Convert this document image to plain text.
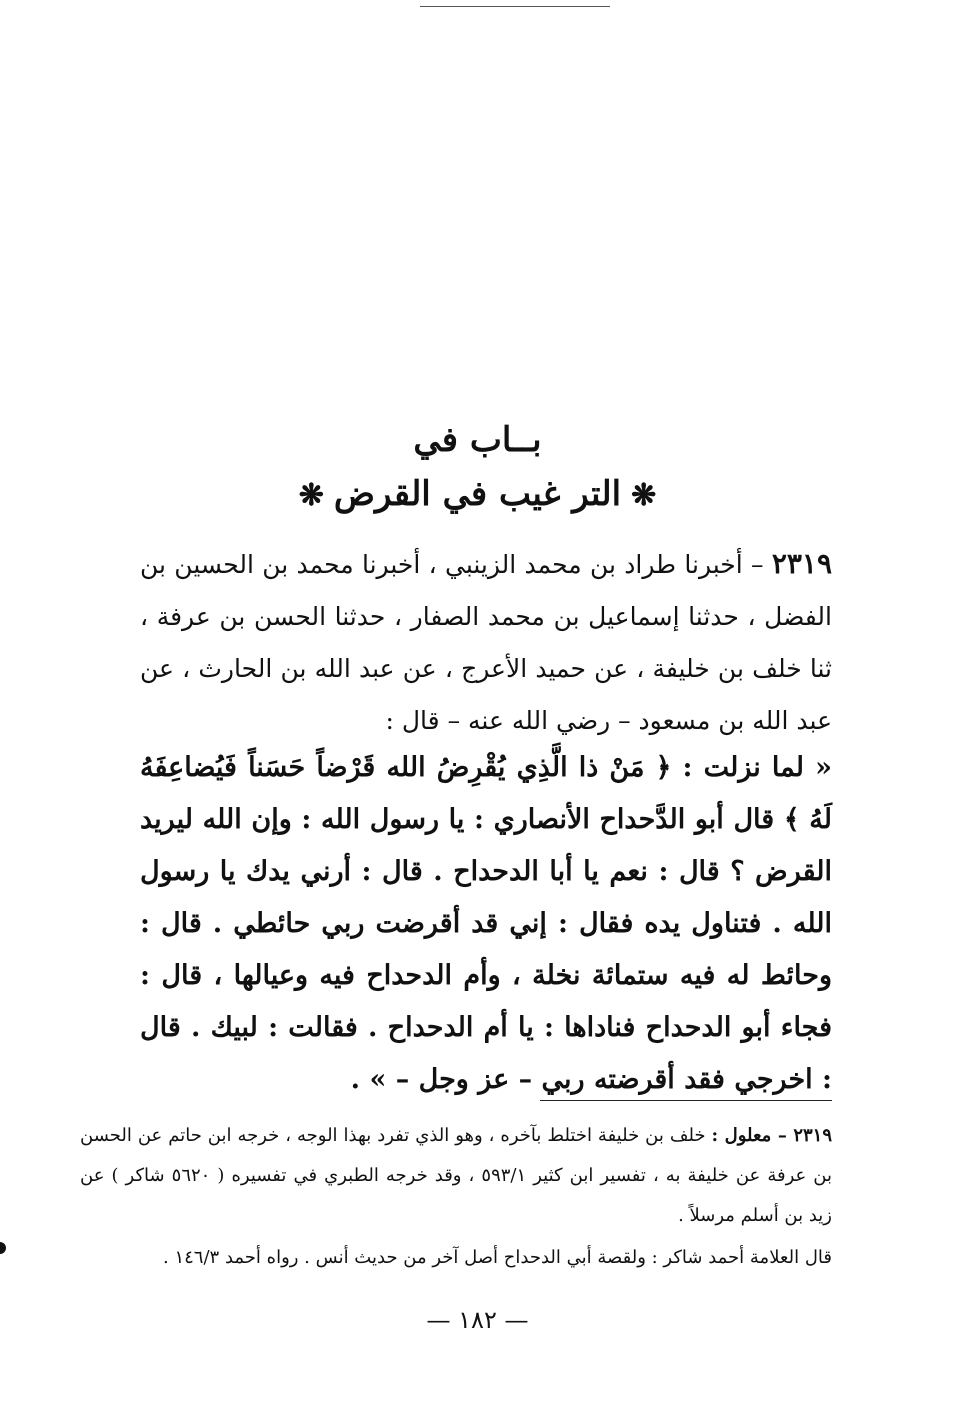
بــاب في
❋التر غيب في القرض❋

٢٣١٩ – أخبرنا طراد بن محمد الزينبي ، أخبرنا محمد بن الحسين بن الفضل ، حدثنا إسماعيل بن محمد الصفار ، حدثنا الحسن بن عرفة ، ثنا خلف بن خليفة ، عن حميد الأعرج ، عن عبد الله بن الحارث ، عن عبد الله بن مسعود – رضي الله عنه – قال :

« لما نزلت : ﴿ مَنْ ذا الَّذِي يُقْرِضُ الله قَرْضاً حَسَناً فَيُضاعِفَهُ لَهُ ﴾ قال أبو الدَّحداح الأنصاري : يا رسول الله : وإن الله ليريد القرض ؟ قال : نعم يا أبا الدحداح . قال : أرني يدك يا رسول الله . فتناول يده فقال : إني قد أقرضت ربي حائطي . قال : وحائط له فيه ستمائة نخلة ، وأم الدحداح فيه وعيالها ، قال : فجاء أبو الدحداح فناداها : يا أم الدحداح . فقالت : لبيك . قال : اخرجي فقد أقرضته ربي – عز وجل – » .

٢٣١٩ – معلول : خلف بن خليفة اختلط بآخره ، وهو الذي تفرد بهذا الوجه ، خرجه ابن حاتم عن الحسن بن عرفة عن خليفة به ، تفسير ابن كثير ٥٩٣/١ ، وقد خرجه الطبري في تفسيره ( ٥٦٢٠ شاكر ) عن زيد بن أسلم مرسلاً .

قال العلامة أحمد شاكر : ولقصة أبي الدحداح أصل آخر من حديث أنس . رواه أحمد ١٤٦/٣ .

— ١٨٢ —
